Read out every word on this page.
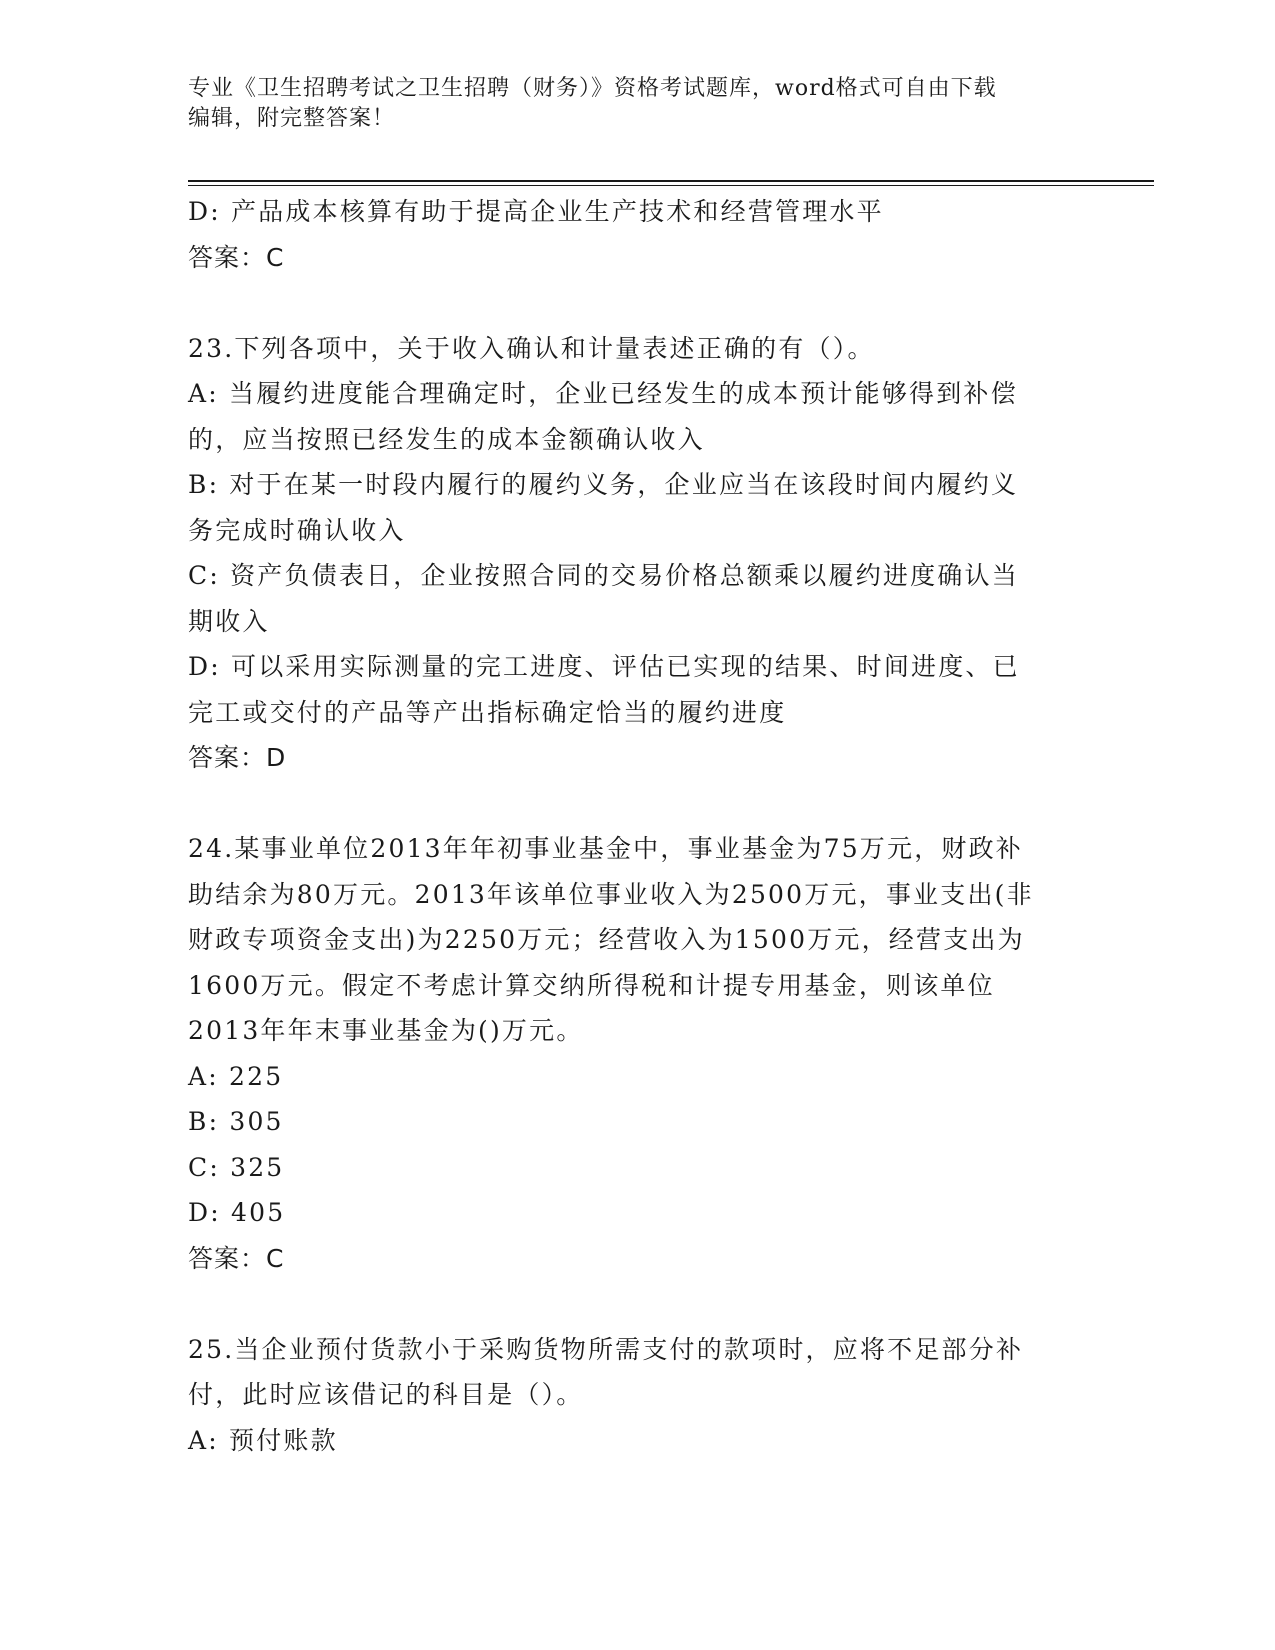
专业《卫生招聘考试之卫生招聘（财务）》资格考试题库，word格式可自由下载
编辑，附完整答案！
D: 产品成本核算有助于提高企业生产技术和经营管理水平
答案：C
23.下列各项中，关于收入确认和计量表述正确的有（）。
A: 当履约进度能合理确定时，企业已经发生的成本预计能够得到补偿
的，应当按照已经发生的成本金额确认收入
B: 对于在某一时段内履行的履约义务，企业应当在该段时间内履约义
务完成时确认收入
C: 资产负债表日，企业按照合同的交易价格总额乘以履约进度确认当
期收入
D: 可以采用实际测量的完工进度、评估已实现的结果、时间进度、已
完工或交付的产品等产出指标确定恰当的履约进度
答案：D
24.某事业单位2013年年初事业基金中，事业基金为75万元，财政补
助结余为80万元。2013年该单位事业收入为2500万元，事业支出(非
财政专项资金支出)为2250万元；经营收入为1500万元，经营支出为
1600万元。假定不考虑计算交纳所得税和计提专用基金，则该单位
2013年年末事业基金为()万元。
A: 225
B: 305
C: 325
D: 405
答案：C
25.当企业预付货款小于采购货物所需支付的款项时，应将不足部分补
付，此时应该借记的科目是（）。
A: 预付账款
